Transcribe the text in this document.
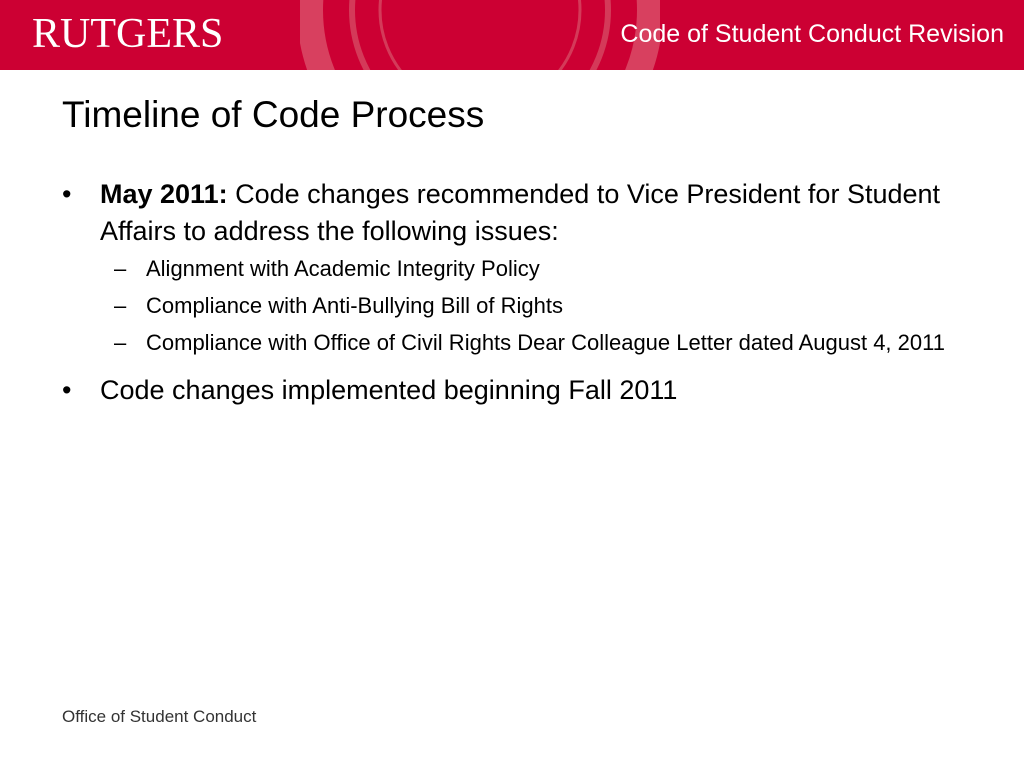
RUTGERS	Code of Student Conduct Revision
Timeline of Code Process
• May 2011: Code changes recommended to Vice President for Student Affairs to address the following issues:
– Alignment with Academic Integrity Policy
– Compliance with Anti-Bullying Bill of Rights
– Compliance with Office of Civil Rights Dear Colleague Letter dated August 4, 2011
• Code changes implemented beginning Fall 2011
Office of Student Conduct
